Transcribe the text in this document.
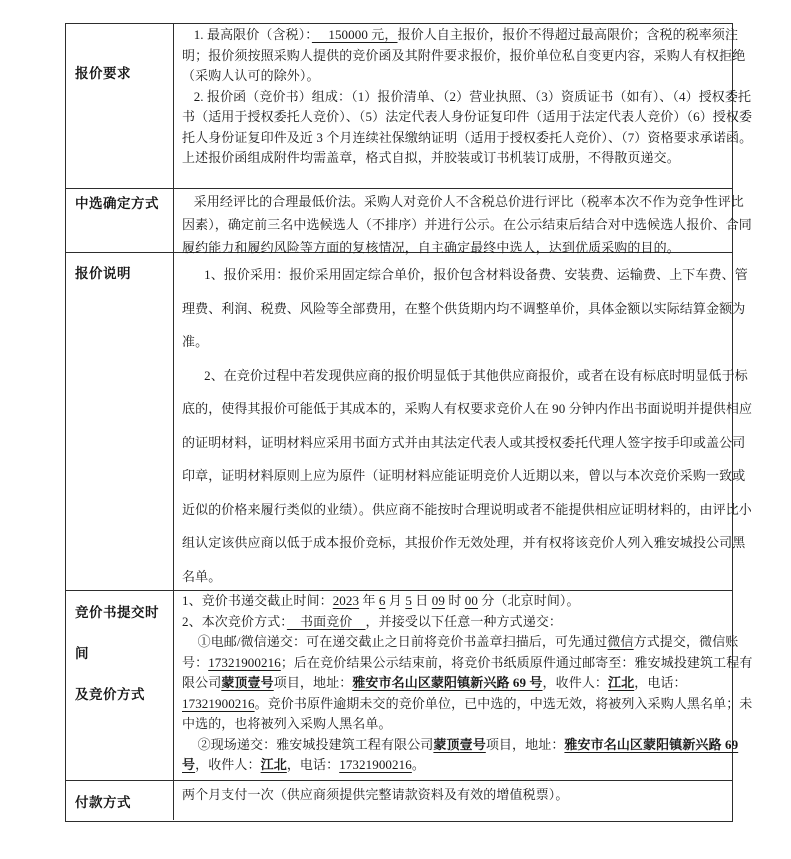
报价要求
中选确定方式
报价说明
竞价书提交时间
及竞价方式
付款方式

1. 最高限价（含税）：　 150000 元，报价人自主报价，报价不得超过最高限价；含税的税率须注明；报价须按照采购人提供的竞价函及其附件要求报价，报价单位私自变更内容，采购人有权拒绝（采购人认可的除外）。

2. 报价函（竞价书）组成：（1）报价清单、（2）营业执照、（3）资质证书（如有）、（4）授权委托书（适用于授权委托人竞价）、（5）法定代表人身份证复印件（适用于法定代表人竞价）（6）授权委托人身份证复印件及近 3 个月连续社保缴纳证明（适用于授权委托人竞价）、（7）资格要求承诺函。上述报价函组成附件均需盖章，格式自拟，并胶装或订书机装订成册，不得散页递交。

采用经评比的合理最低价法。采购人对竞价人不含税总价进行评比（税率本次不作为竞争性评比因素），确定前三名中选候选人（不排序）并进行公示。在公示结束后结合对中选候选人报价、合同履约能力和履约风险等方面的复核情况，自主确定最终中选人，达到优质采购的目的。

1、报价采用：报价采用固定综合单价，报价包含材料设备费、安装费、运输费、上下车费、管理费、利润、税费、风险等全部费用，在整个供货期内均不调整单价，具体金额以实际结算金额为准。

2、在竞价过程中若发现供应商的报价明显低于其他供应商报价，或者在设有标底时明显低于标底的，使得其报价可能低于其成本的，采购人有权要求竞价人在 90 分钟内作出书面说明并提供相应的证明材料，证明材料应采用书面方式并由其法定代表人或其授权委托代理人签字按手印或盖公司印章，证明材料原则上应为原件（证明材料应能证明竞价人近期以来，曾以与本次竞价采购一致或近似的价格来履行类似的业绩）。供应商不能按时合理说明或者不能提供相应证明材料的，由评比小组认定该供应商以低于成本报价竞标，其报价作无效处理，并有权将该竞价人列入雅安城投公司黑名单。

1、竞价书递交截止时间：2023 年 6 月 5 日 09 时 00 分（北京时间）。

2、本次竞价方式：　书面竞价　，并接受以下任意一种方式递交：

①电邮/微信递交：可在递交截止之日前将竞价书盖章扫描后，可先通过微信方式提交，微信账号：17321900216；后在竞价结果公示结束前，将竞价书纸质原件通过邮寄至：雅安城投建筑工程有限公司蒙顶壹号项目，地址：雅安市名山区蒙阳镇新兴路 69 号，收件人：江北，电话：17321900216。竞价书原件逾期未交的竞价单位，已中选的，中选无效，将被列入采购人黑名单；未中选的，也将被列入采购人黑名单。

②现场递交：雅安城投建筑工程有限公司蒙顶壹号项目，地址：雅安市名山区蒙阳镇新兴路 69 号，收件人：江北，电话：17321900216。

两个月支付一次（供应商须提供完整请款资料及有效的增值税票）。
